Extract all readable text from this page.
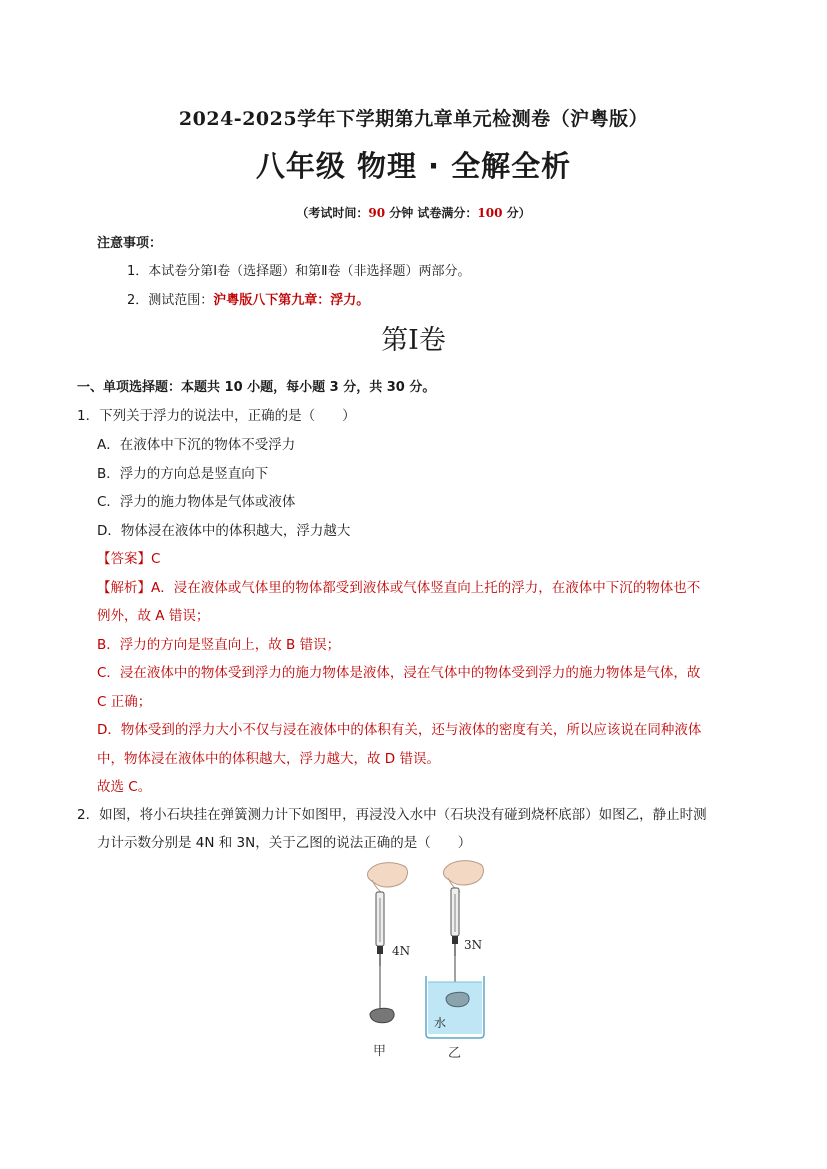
2024-2025学年下学期第九章单元检测卷（沪粤版）
八年级 物理 · 全解全析
（考试时间：90 分钟 试卷满分：100 分）
注意事项：
1．本试卷分第Ⅰ卷（选择题）和第Ⅱ卷（非选择题）两部分。
2．测试范围：沪粤版八下第九章：浮力。
第Ⅰ卷
一、单项选择题：本题共 10 小题，每小题 3 分，共 30 分。
1．下列关于浮力的说法中，正确的是（　　）
A．在液体中下沉的物体不受浮力
B．浮力的方向总是竖直向下
C．浮力的施力物体是气体或液体
D．物体浸在液体中的体积越大，浮力越大
【答案】C
【解析】A．浸在液体或气体里的物体都受到液体或气体竖直向上托的浮力，在液体中下沉的物体也不
例外，故 A 错误；
B．浮力的方向是竖直向上，故 B 错误；
C．浸在液体中的物体受到浮力的施力物体是液体，浸在气体中的物体受到浮力的施力物体是气体，故
C 正确；
D．物体受到的浮力大小不仅与浸在液体中的体积有关，还与液体的密度有关，所以应该说在同种液体
中，物体浸在液体中的体积越大，浮力越大，故 D 错误。
故选 C。
2．如图，将小石块挂在弹簧测力计下如图甲，再浸没入水中（石块没有碰到烧杯底部）如图乙，静止时测
力计示数分别是 4N 和 3N，关于乙图的说法正确的是（　　）
4N	3N
水
甲	乙
